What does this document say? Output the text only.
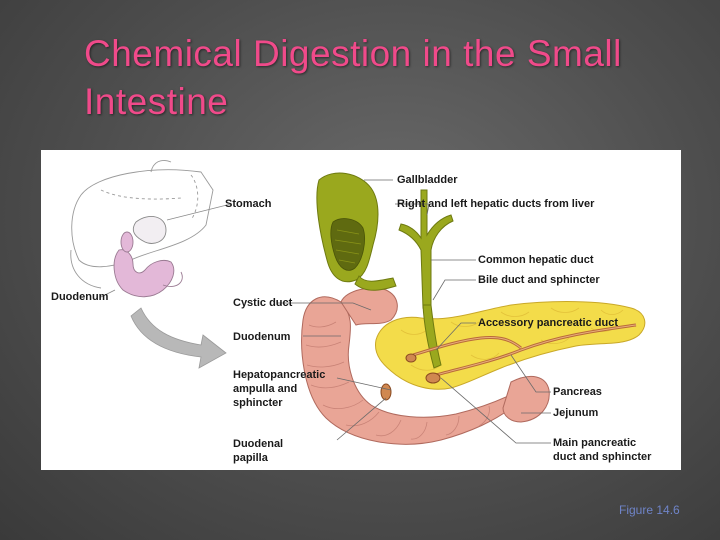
Chemical Digestion in the Small
Intestine
Stomach
Duodenum	Cystic duct
Duodenum
Hepatopancreatic
ampulla and
sphincter
Duodenal
papilla
Gallbladder
Right and left hepatic ducts from liver
Common hepatic duct
Bile duct and sphincter
Accessory pancreatic duct
Pancreas
Jejunum
Main pancreatic
duct and sphincter
Figure 14.6
